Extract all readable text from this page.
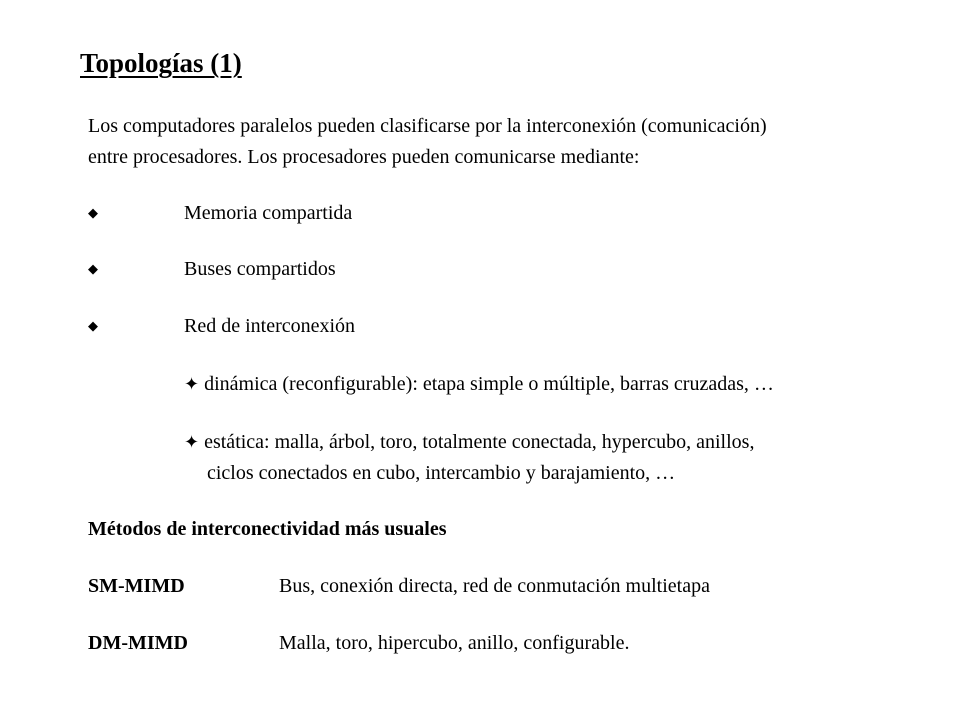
Topologías (1)
Los computadores paralelos pueden clasificarse por la interconexión (comunicación)
entre procesadores. Los procesadores pueden comunicarse mediante:
◆	Memoria compartida
◆	Buses compartidos
◆	Red de interconexión
✦ dinámica (reconfigurable): etapa simple o múltiple, barras cruzadas, …
✦ estática: malla, árbol, toro, totalmente conectada, hypercubo, anillos,
ciclos conectados en cubo, intercambio y barajamiento, …
Métodos de interconectividad más usuales
SM-MIMD	Bus, conexión directa, red de conmutación multietapa
DM-MIMD	Malla, toro, hipercubo, anillo, configurable.
